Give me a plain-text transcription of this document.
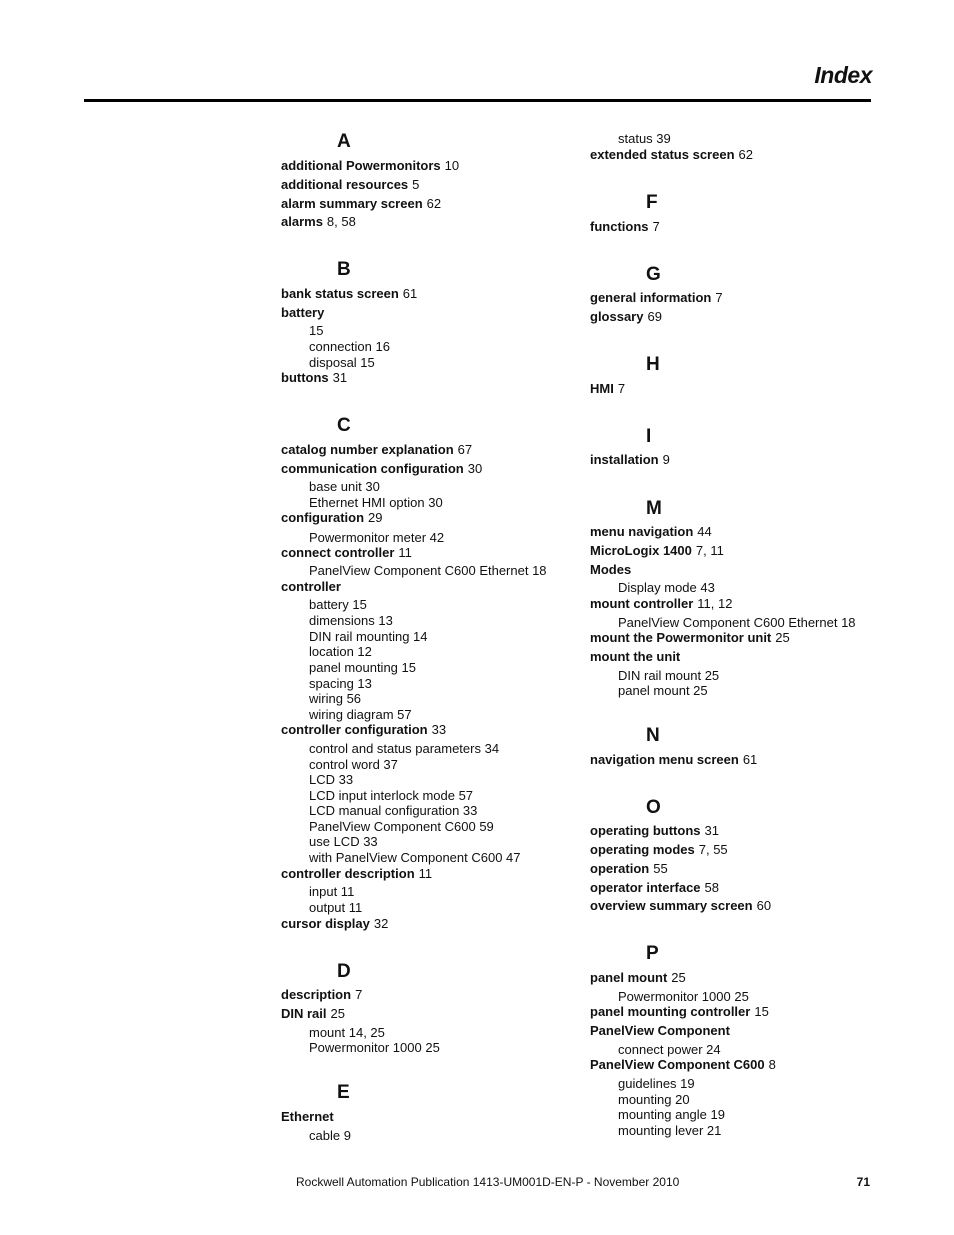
Index
A
additional Powermonitors 10
additional resources 5
alarm summary screen 62
alarms 8, 58
B
bank status screen 61
battery
15
connection 16
disposal 15
buttons 31
C
catalog number explanation 67
communication configuration 30
base unit 30
Ethernet HMI option 30
configuration 29
Powermonitor meter 42
connect controller 11
PanelView Component C600 Ethernet 18
controller
battery 15
dimensions 13
DIN rail mounting 14
location 12
panel mounting 15
spacing 13
wiring 56
wiring diagram 57
controller configuration 33
control and status parameters 34
control word 37
LCD 33
LCD input interlock mode 57
LCD manual configuration 33
PanelView Component C600 59
use LCD 33
with PanelView Component C600 47
controller description 11
input 11
output 11
cursor display 32
D
description 7
DIN rail 25
mount 14, 25
Powermonitor 1000 25
E
Ethernet
cable 9
status 39
extended status screen 62
F
functions 7
G
general information 7
glossary 69
H
HMI 7
I
installation 9
M
menu navigation 44
MicroLogix 1400 7, 11
Modes
Display mode 43
mount controller 11, 12
PanelView Component C600 Ethernet 18
mount the Powermonitor unit 25
mount the unit
DIN rail mount 25
panel mount 25
N
navigation menu screen 61
O
operating buttons 31
operating modes 7, 55
operation 55
operator interface 58
overview summary screen 60
P
panel mount 25
Powermonitor 1000 25
panel mounting controller 15
PanelView Component
connect power 24
PanelView Component C600 8
guidelines 19
mounting 20
mounting angle 19
mounting lever 21
Rockwell Automation Publication 1413-UM001D-EN-P - November 2010	71
